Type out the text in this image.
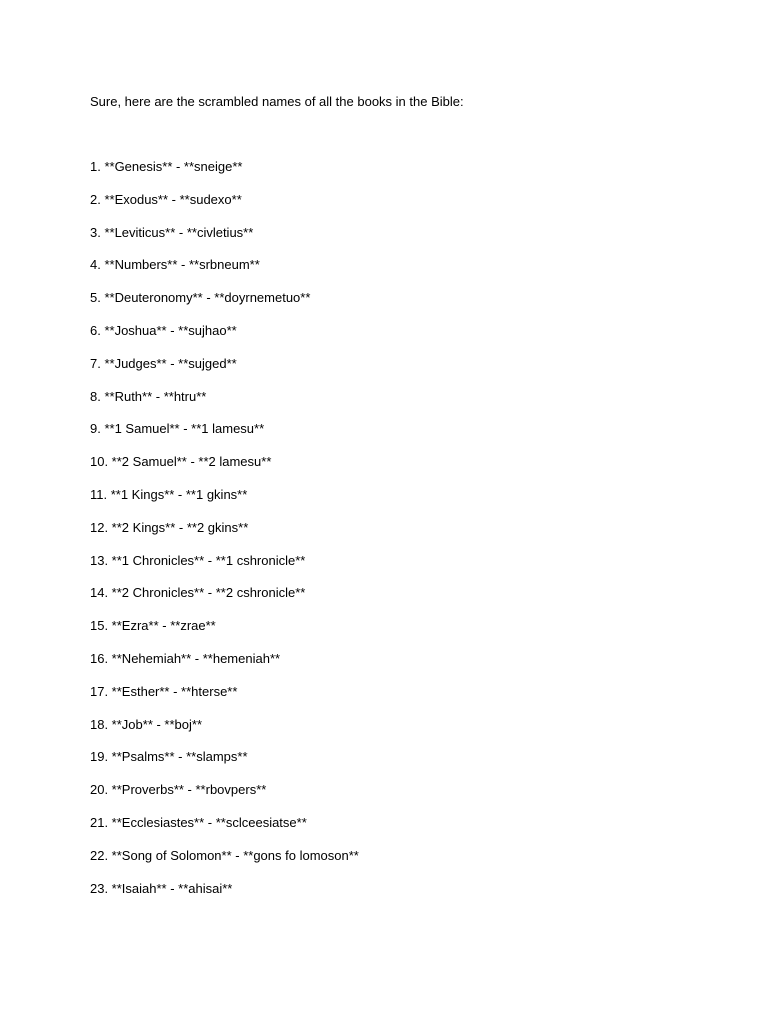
Sure, here are the scrambled names of all the books in the Bible:

1. **Genesis** - **sneige**
2. **Exodus** - **sudexo**
3. **Leviticus** - **civletius**
4. **Numbers** - **srbneum**
5. **Deuteronomy** - **doyrnemetuo**
6. **Joshua** - **sujhao**
7. **Judges** - **sujged**
8. **Ruth** - **htru**
9. **1 Samuel** - **1 lamesu**
10. **2 Samuel** - **2 lamesu**
11. **1 Kings** - **1 gkins**
12. **2 Kings** - **2 gkins**
13. **1 Chronicles** - **1 cshronicle**
14. **2 Chronicles** - **2 cshronicle**
15. **Ezra** - **zrae**
16. **Nehemiah** - **hemeniah**
17. **Esther** - **hterse**
18. **Job** - **boj**
19. **Psalms** - **slamps**
20. **Proverbs** - **rbovpers**
21. **Ecclesiastes** - **sclceesiatse**
22. **Song of Solomon** - **gons fo lomoson**
23. **Isaiah** - **ahisai**
